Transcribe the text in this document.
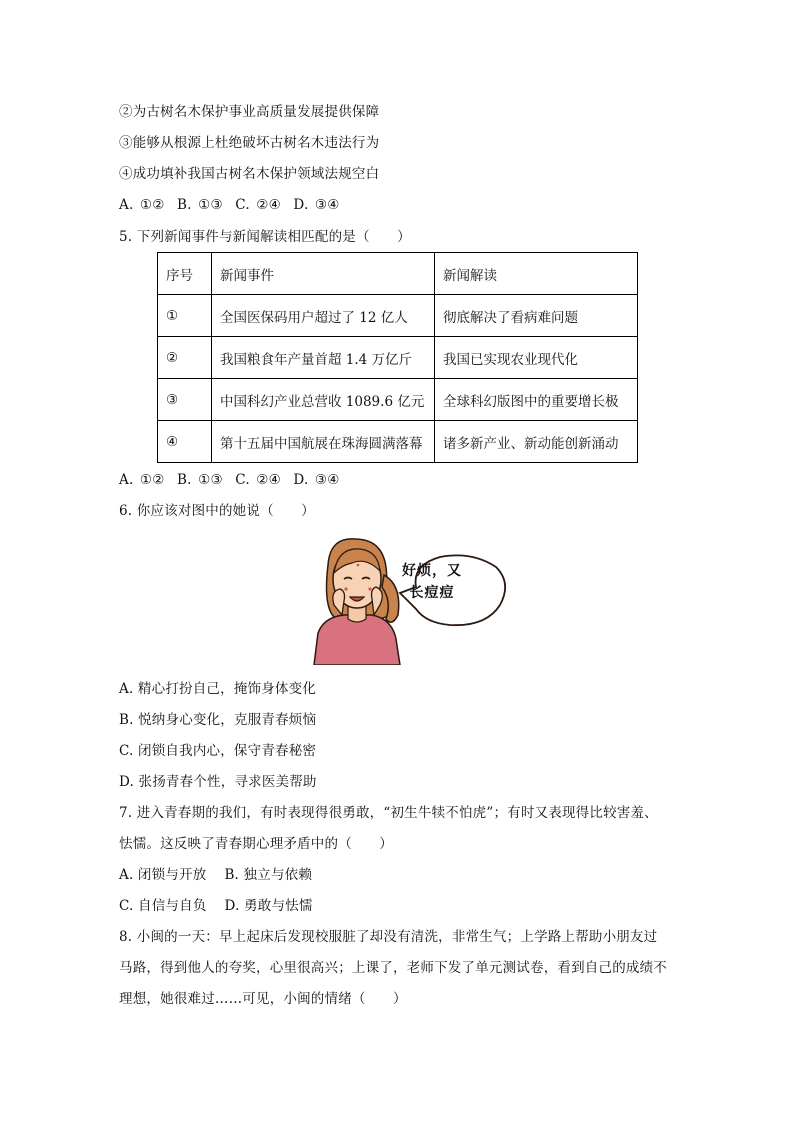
②为古树名木保护事业高质量发展提供保障
③能够从根源上杜绝破坏古树名木违法行为
④成功填补我国古树名木保护领域法规空白
A. ①② B. ①③ C. ②④ D. ③④
5. 下列新闻事件与新闻解读相匹配的是（　　）
序号	新闻事件	新闻解读
①	全国医保码用户超过了 12 亿人	彻底解决了看病难问题
②	我国粮食年产量首超 1.4 万亿斤	我国已实现农业现代化
③	中国科幻产业总营收 1089.6 亿元	全球科幻版图中的重要增长极
④	第十五届中国航展在珠海圆满落幕	诸多新产业、新动能创新涌动
A. ①② B. ①③ C. ②④ D. ③④
6. 你应该对图中的她说（　　）
好烦，又
长痘痘
A. 精心打扮自己，掩饰身体变化
B. 悦纳身心变化，克服青春烦恼
C. 闭锁自我内心，保守青春秘密
D. 张扬青春个性，寻求医美帮助
7. 进入青春期的我们，有时表现得很勇敢，“初生牛犊不怕虎”；有时又表现得比较害羞、
怯懦。这反映了青春期心理矛盾中的（　　）
A. 闭锁与开放 B. 独立与依赖
C. 自信与自负 D. 勇敢与怯懦
8. 小闽的一天：早上起床后发现校服脏了却没有清洗，非常生气；上学路上帮助小朋友过
马路，得到他人的夸奖，心里很高兴；上课了，老师下发了单元测试卷，看到自己的成绩不
理想，她很难过……可见，小闽的情绪（　　）
